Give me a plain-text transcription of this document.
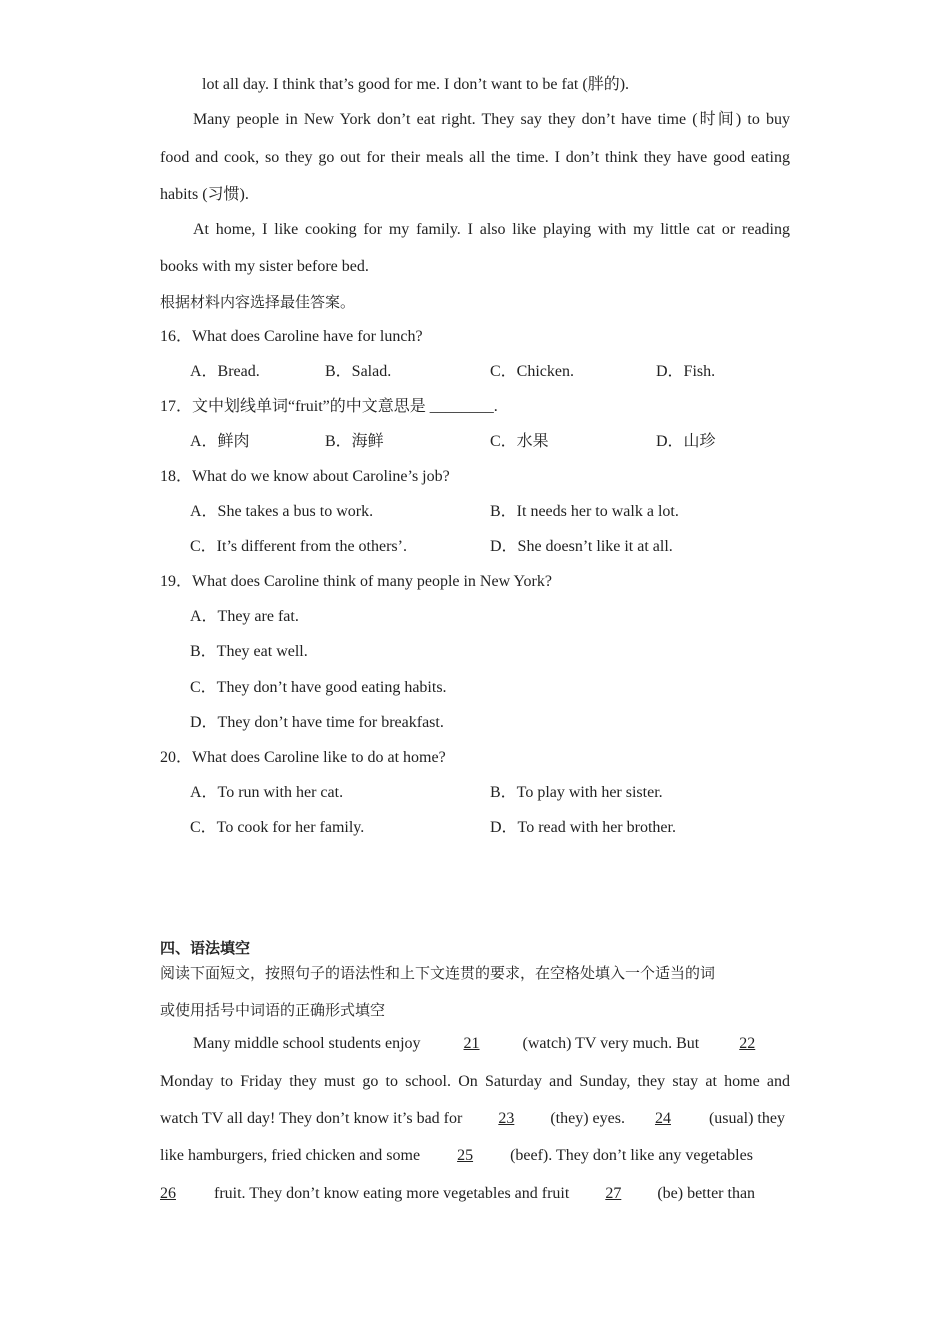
lot all day. I think that’s good for me. I don’t want to be fat (胖的).
Many people in New York don’t eat right. They say they don’t have time (时间) to buy
food and cook, so they go out for their meals all the time. I don’t think they have good eating
habits (习惯).
At home, I like cooking for my family. I also like playing with my little cat or reading
books with my sister before bed.
根据材料内容选择最佳答案。
16．What does Caroline have for lunch?
A．Bread.	B．Salad.	C．Chicken.	D．Fish.
17．文中划线单词“fruit”的中文意思是 ________.
A．鲜肉	B．海鲜	C．水果	D．山珍
18．What do we know about Caroline’s job?
A．She takes a bus to work.	B．It needs her to walk a lot.
C．It’s different from the others’.	D．She doesn’t like it at all.
19．What does Caroline think of many people in New York?
A．They are fat.
B．They eat well.
C．They don’t have good eating habits.
D．They don’t have time for breakfast.
20．What does Caroline like to do at home?
A．To run with her cat.	B．To play with her sister.
C．To cook for her family.	D．To read with her brother.
四、语法填空
阅读下面短文，按照句子的语法性和上下文连贯的要求，在空格处填入一个适当的词
或使用括号中词语的正确形式填空
Many middle school students enjoy	21	(watch) TV very much. But	22
Monday to Friday they must go to school. On Saturday and Sunday, they stay at home and
watch TV all day! They don’t know it’s bad for 23 (they) eyes. 24 (usual) they
like hamburgers, fried chicken and some 25 (beef). They don’t like any vegetables
26 fruit. They don’t know eating more vegetables and fruit 27 (be) better than
